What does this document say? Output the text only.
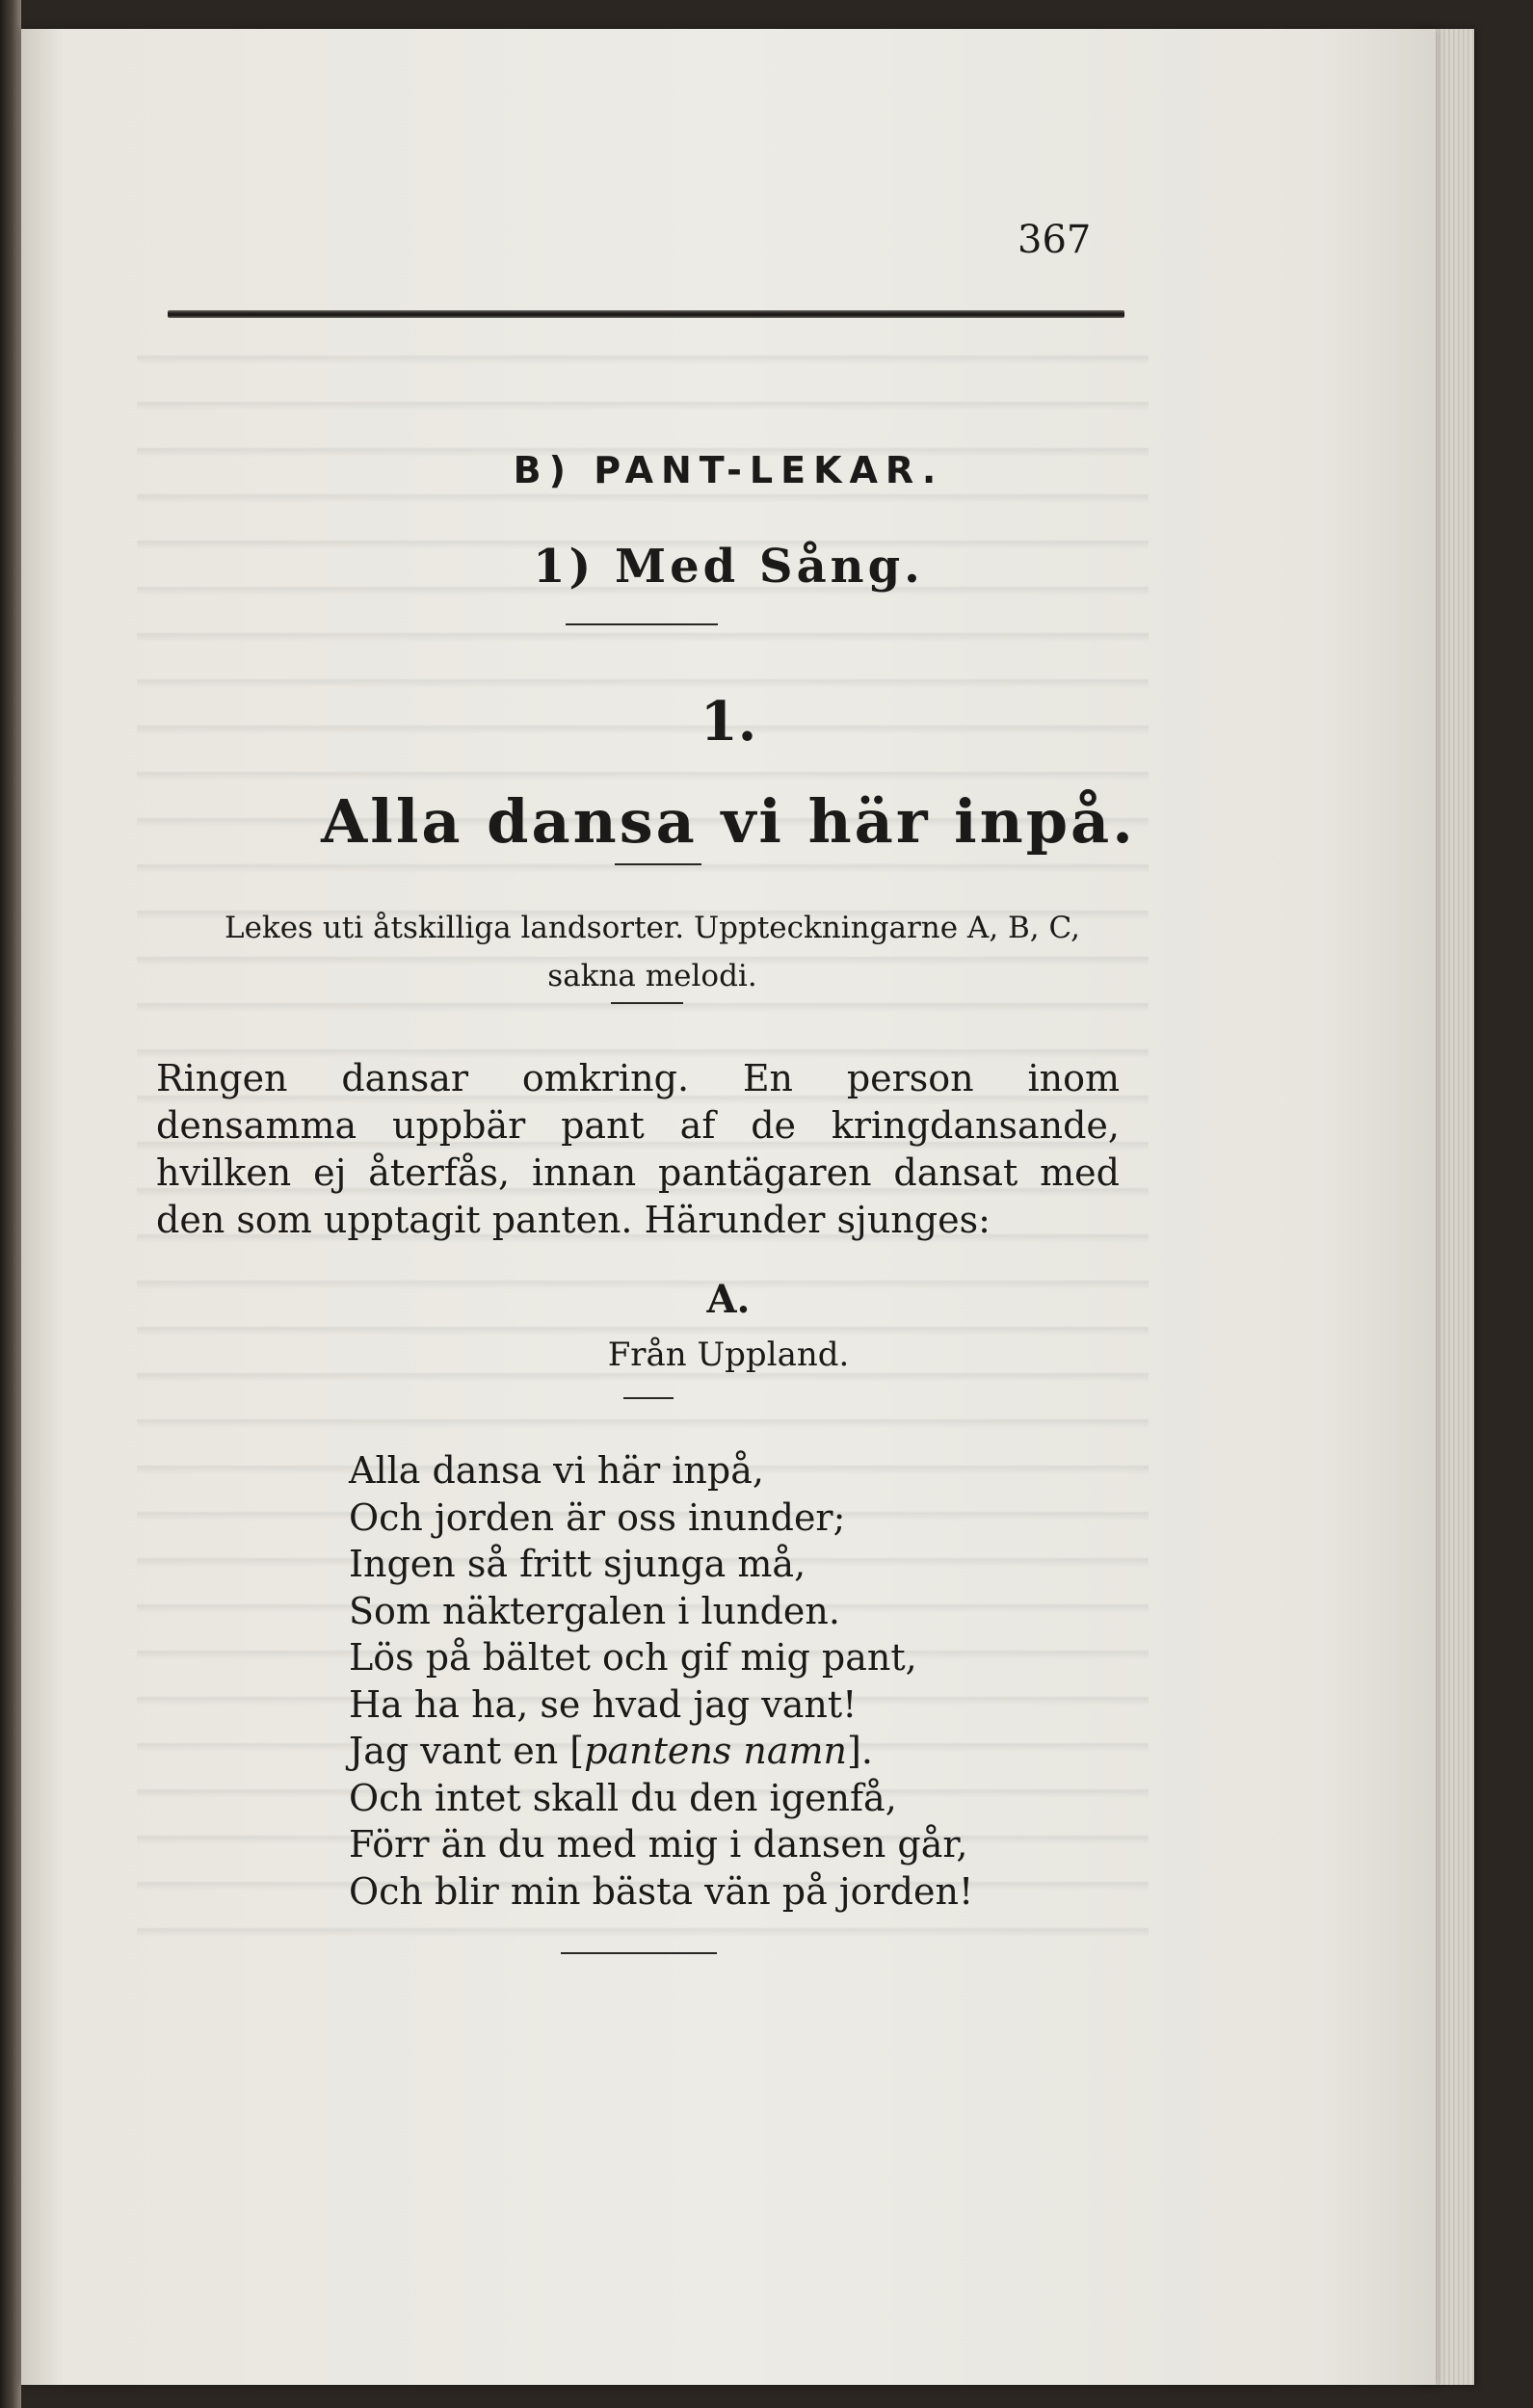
367
B) PANT-LEKAR.
1) Med Sång.
1.
Alla dansa vi här inpå.
Lekes uti åtskilliga landsorter. Uppteckningarne A, B, C, sakna melodi.
Ringen dansar omkring. En person inom densamma uppbär pant af de kringdansande, hvilken ej återfås, innan pantägaren dansat med den som upptagit panten. Härunder sjunges:
A.
Från Uppland.
Alla dansa vi här inpå,
Och jorden är oss inunder;
Ingen så fritt sjunga må,
Som näktergalen i lunden.
Lös på bältet och gif mig pant,
Ha ha ha, se hvad jag vant!
Jag vant en [pantens namn].
Och intet skall du den igenfå,
Förr än du med mig i dansen går,
Och blir min bästa vän på jorden!
